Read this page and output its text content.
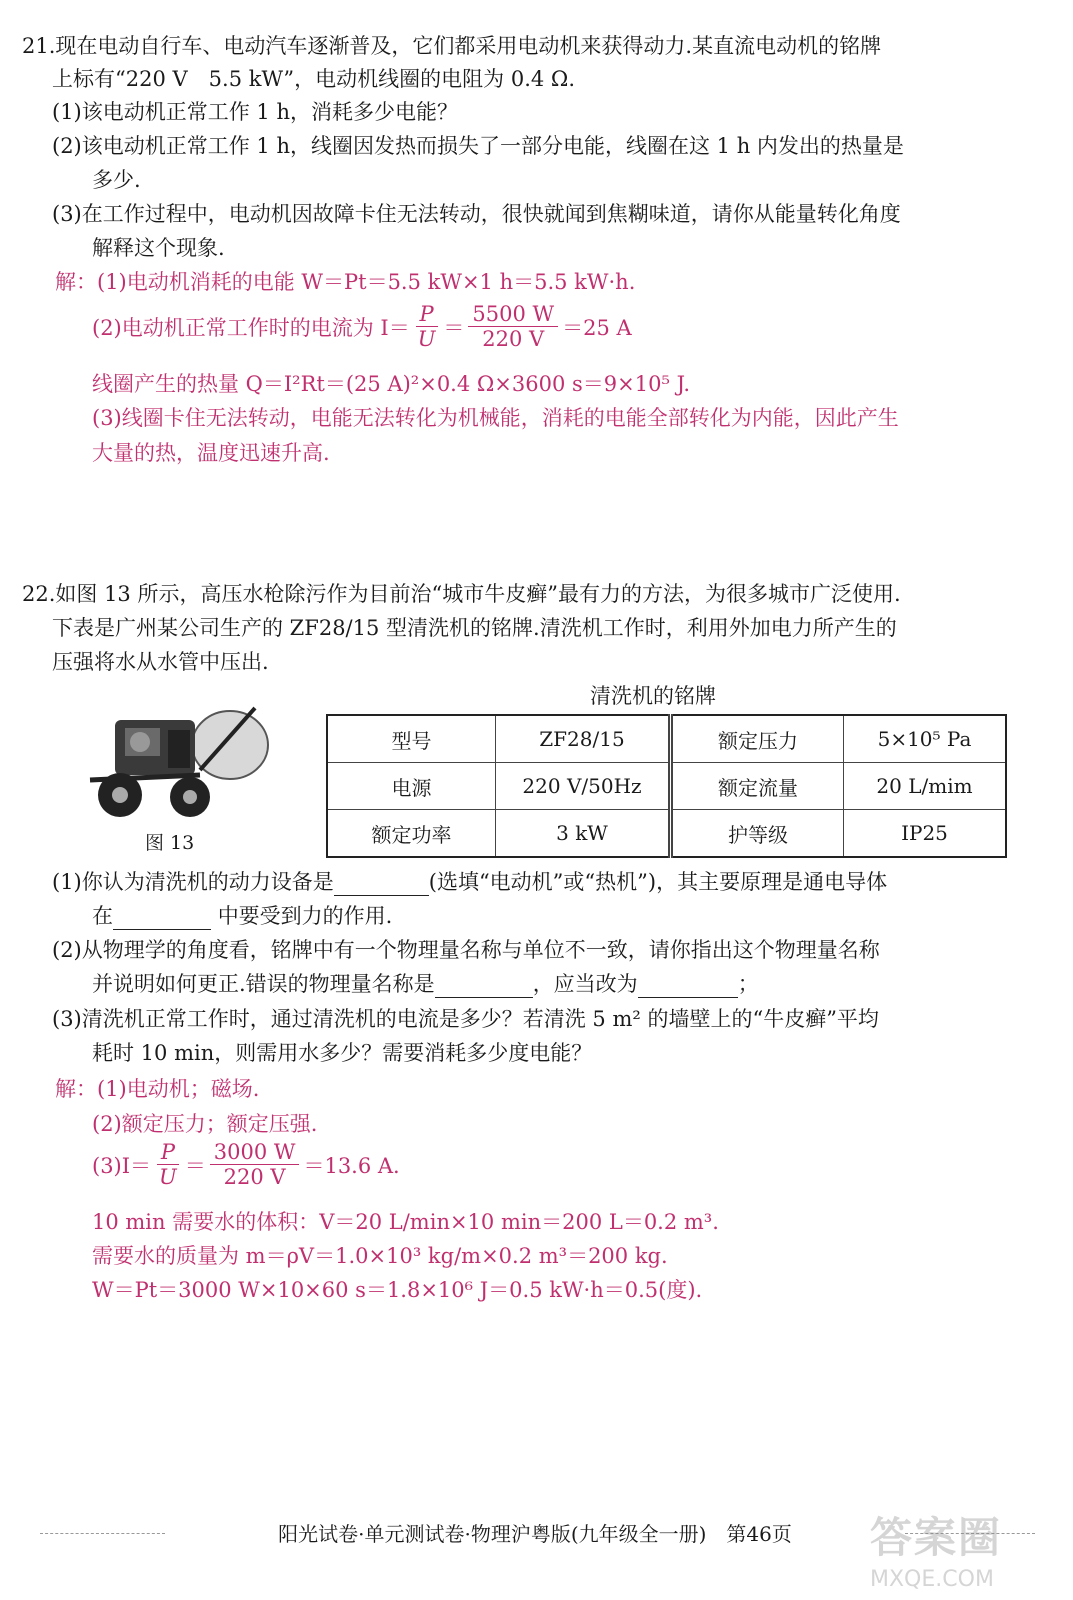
21.现在电动自行车、电动汽车逐渐普及，它们都采用电动机来获得动力.某直流电动机的铭牌
上标有“220 V　5.5 kW”，电动机线圈的电阻为 0.4 Ω.
(1)该电动机正常工作 1 h，消耗多少电能？
(2)该电动机正常工作 1 h，线圈因发热而损失了一部分电能，线圈在这 1 h 内发出的热量是
多少.
(3)在工作过程中，电动机因故障卡住无法转动，很快就闻到焦糊味道，请你从能量转化角度
解释这个现象.
解：(1)电动机消耗的电能 W＝Pt＝5.5 kW×1 h＝5.5 kW·h.
(2)电动机正常工作时的电流为 $I= \frac{P}{U} = \frac{5500 W}{220 V} =25$ A
线圈产生的热量 Q＝I²Rt＝(25 A)²×0.4 Ω×3600 s＝9×10⁵ J.
(3)线圈卡住无法转动，电能无法转化为机械能，消耗的电能全部转化为内能，因此产生
大量的热，温度迅速升高.
22.如图 13 所示，高压水枪除污作为目前治“城市牛皮癣”最有力的方法，为很多城市广泛使用.
下表是广州某公司生产的 ZF28/15 型清洗机的铭牌.清洗机工作时，利用外加电力所产生的
压强将水从水管中压出.
清洗机的铭牌
图 13
型号	ZF28/15	额定压力	5×10⁵ Pa
电源	220 V/50Hz	额定流量	20 L/mim
额定功率	3 kW	护等级	IP25
(1)你认为清洗机的动力设备是	(选填“电动机”或“热机”)，其主要原理是通电导体
在	中要受到力的作用.
(2)从物理学的角度看，铭牌中有一个物理量名称与单位不一致，请你指出这个物理量名称
并说明如何更正.错误的物理量名称是	，应当改为	；
(3)清洗机正常工作时，通过清洗机的电流是多少？若清洗 5 m² 的墙壁上的“牛皮癣”平均
耗时 10 min，则需用水多少？需要消耗多少度电能？
解：(1)电动机；磁场.
(2)额定压力；额定压强.
$(3)I= \frac{P}{U} = \frac{3000 W}{220 V} =13.6$ A.
10 min 需要水的体积：V＝20 L/min×10 min＝200 L＝0.2 m³.
需要水的质量为 m＝ρV＝1.0×10³ kg/m×0.2 m³＝200 kg.
W＝Pt＝3000 W×10×60 s＝1.8×10⁶ J＝0.5 kW·h＝0.5(度).
阳光试卷·单元测试卷·物理沪粤版(九年级全一册)　第46页	答案圈
MXQE.COM
